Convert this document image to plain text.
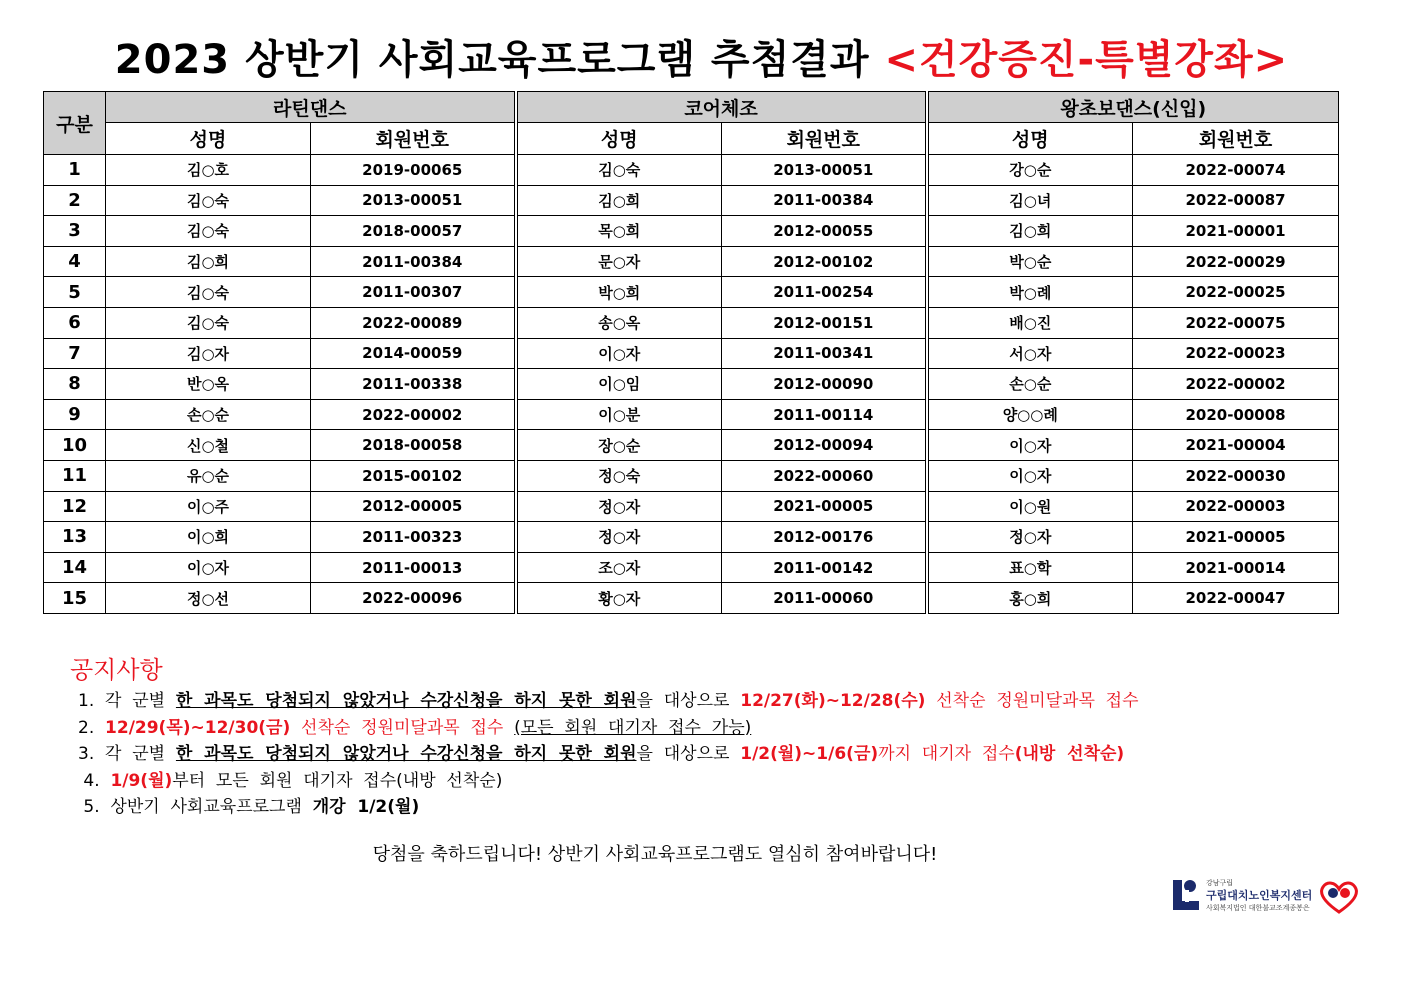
2023 상반기 사회교육프로그램 추첨결과 <건강증진-특별강좌>
구분	라틴댄스		코어체조		왕초보댄스(신입)	
	성명	회원번호	성명	회원번호	성명	회원번호
1	김○호	2019-00065	김○숙	2013-00051	강○순	2022-00074
2	김○숙	2013-00051	김○희	2011-00384	김○녀	2022-00087
3	김○숙	2018-00057	목○희	2012-00055	김○희	2021-00001
4	김○희	2011-00384	문○자	2012-00102	박○순	2022-00029
5	김○숙	2011-00307	박○희	2011-00254	박○례	2022-00025
6	김○숙	2022-00089	송○옥	2012-00151	배○진	2022-00075
7	김○자	2014-00059	이○자	2011-00341	서○자	2022-00023
8	반○옥	2011-00338	이○임	2012-00090	손○순	2022-00002
9	손○순	2022-00002	이○분	2011-00114	양○○례	2020-00008
10	신○철	2018-00058	장○순	2012-00094	이○자	2021-00004
11	유○순	2015-00102	정○숙	2022-00060	이○자	2022-00030
12	이○주	2012-00005	정○자	2021-00005	이○원	2022-00003
13	이○희	2011-00323	정○자	2012-00176	정○자	2021-00005
14	이○자	2011-00013	조○자	2011-00142	표○학	2021-00014
15	정○선	2022-00096	황○자	2011-00060	홍○희	2022-00047
공지사항
1.  각  군별  한  과목도  당첨되지  않았거나  수강신청을  하지  못한  회원을  대상으로  12/27(화)~12/28(수)  선착순  정원미달과목  접수
2.  12/29(목)~12/30(금)  선착순  정원미달과목  접수  (모든  회원  대기자  접수  가능)
3.  각  군별  한  과목도  당첨되지  않았거나  수강신청을  하지  못한  회원을  대상으로  1/2(월)~1/6(금)까지  대기자  접수(내방  선착순)
4.  1/9(월)부터  모든  회원  대기자  접수(내방  선착순)
5.  상반기  사회교육프로그램  개강  1/2(월)
당첨을 축하드립니다! 상반기 사회교육프로그램도 열심히 참여바랍니다!
강남구립
구립대치노인복지센터
사회복지법인 대한불교조계종봉은
